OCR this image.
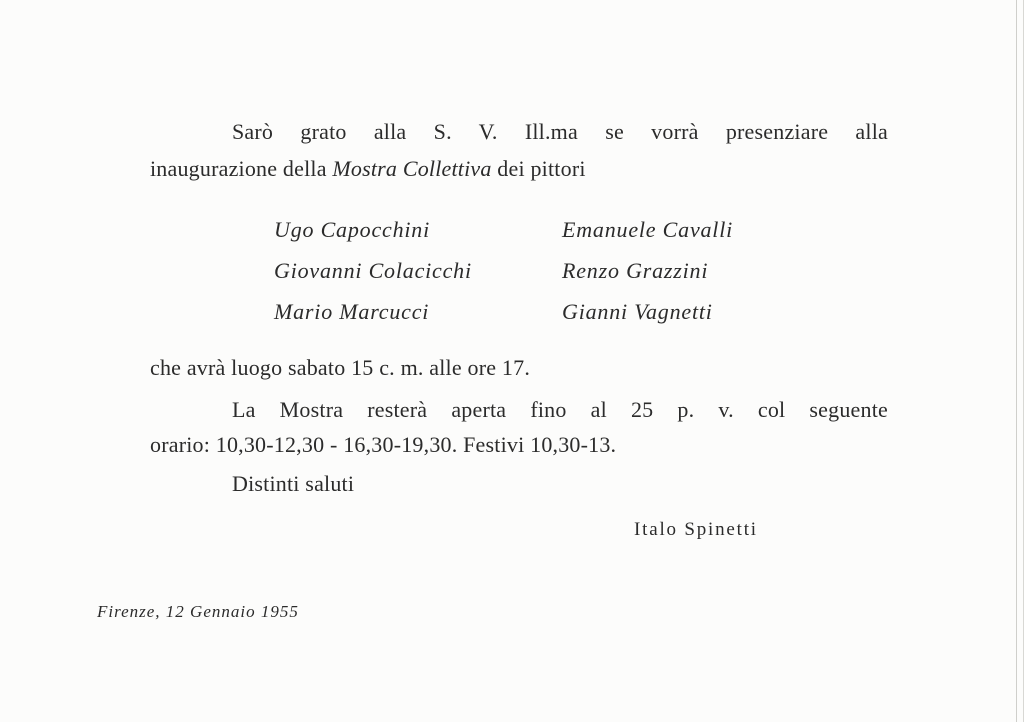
Sarò grato alla S. V. Ill.ma se vorrà presenziare alla
inaugurazione della Mostra Collettiva dei pittori
Ugo Capocchini
Giovanni Colacicchi
Mario Marcucci
Emanuele Cavalli
Renzo Grazzini
Gianni Vagnetti
che avrà luogo sabato 15 c. m. alle ore 17.
La Mostra resterà aperta fino al 25 p. v. col seguente
orario: 10,30-12,30 - 16,30-19,30. Festivi 10,30-13.
Distinti saluti
Italo Spinetti
Firenze, 12 Gennaio 1955
